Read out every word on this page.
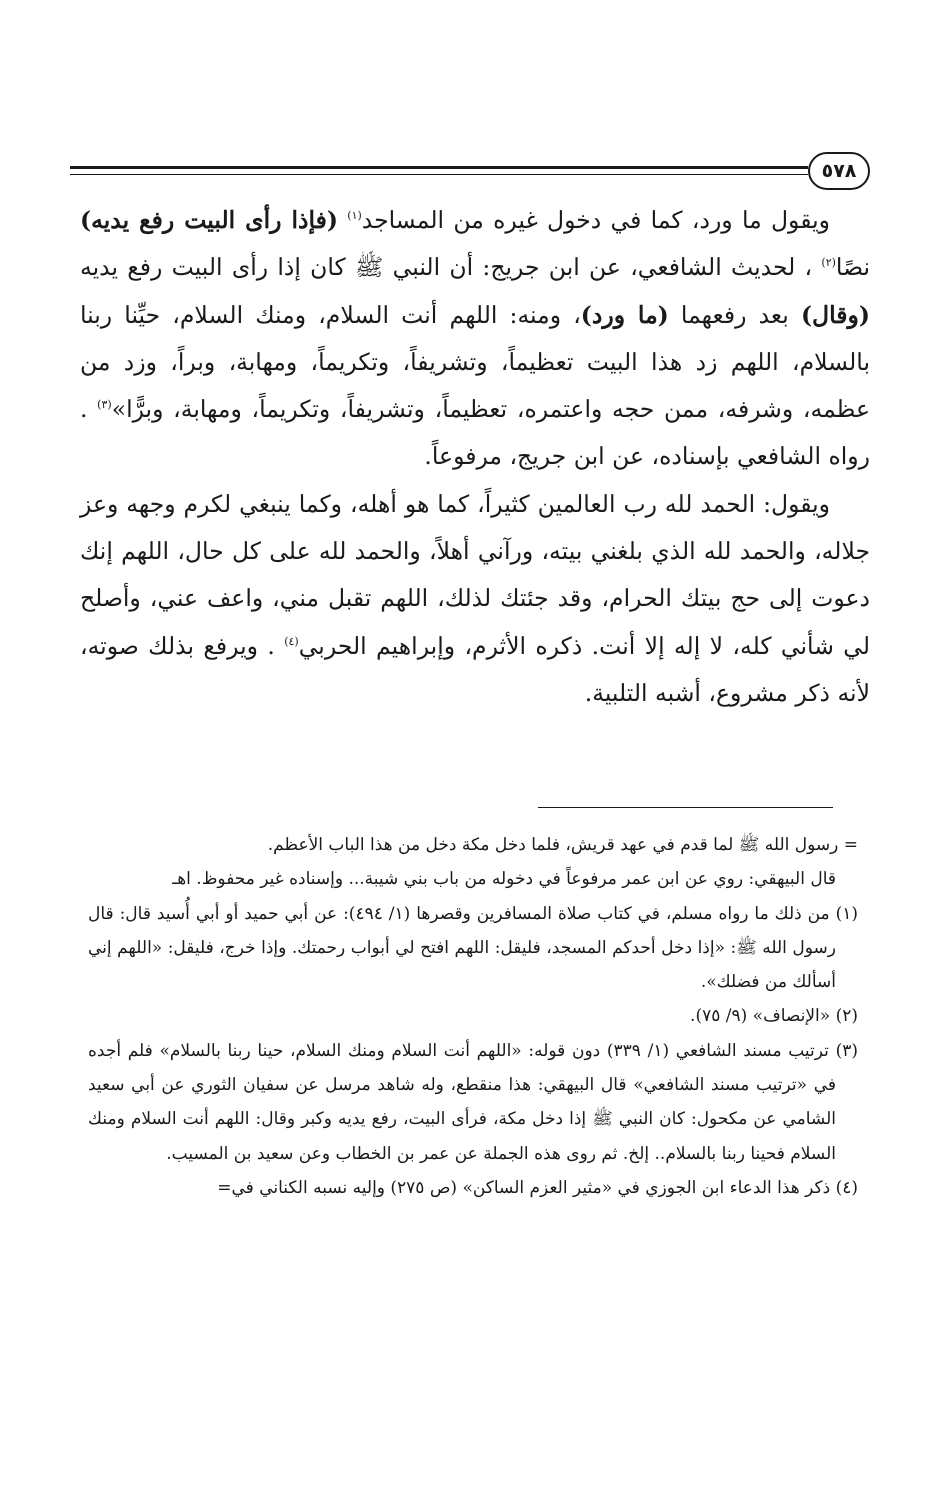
٥٧٨

ويقول ما ورد، كما في دخول غيره من المساجد$^{(١)}$ (فإذا رأى البيت رفع يديه) نصًا$^{(٢)}$ ، لحديث الشافعي، عن ابن جريج: أن النبي ﷺ كان إذا رأى البيت رفع يديه (وقال) بعد رفعهما (ما ورد)، ومنه: اللهم أنت السلام، ومنك السلام، حيِّنا ربنا بالسلام، اللهم زد هذا البيت تعظيماً، وتشريفاً، وتكريماً، ومهابة، وبراً، وزد من عظمه، وشرفه، ممن حجه واعتمره، تعظيماً، وتشريفاً، وتكريماً، ومهابة، وبرًّا»$^{(٣)}$ . رواه الشافعي بإسناده، عن ابن جريج، مرفوعاً.

ويقول: الحمد لله رب العالمين كثيراً، كما هو أهله، وكما ينبغي لكرم وجهه وعز جلاله، والحمد لله الذي بلغني بيته، ورآني أهلاً، والحمد لله على كل حال، اللهم إنك دعوت إلى حج بيتك الحرام، وقد جئتك لذلك، اللهم تقبل مني، واعف عني، وأصلح لي شأني كله، لا إله إلا أنت. ذكره الأثرم، وإبراهيم الحربي$^{(٤)}$ . ويرفع بذلك صوته، لأنه ذكر مشروع، أشبه التلبية.

= رسول الله ﷺ لما قدم في عهد قريش، فلما دخل مكة دخل من هذا الباب الأعظم.

قال البيهقي: روي عن ابن عمر مرفوعاً في دخوله من باب بني شيبة... وإسناده غير محفوظ. اهـ

(١) من ذلك ما رواه مسلم، في كتاب صلاة المسافرين وقصرها (١/ ٤٩٤): عن أبي حميد أو أبي أُسيد قال: قال رسول الله ﷺ: «إذا دخل أحدكم المسجد، فليقل: اللهم افتح لي أبواب رحمتك. وإذا خرج، فليقل: «اللهم إني أسألك من فضلك».

(٢) «الإنصاف» (٩/ ٧٥).

(٣) ترتيب مسند الشافعي (١/ ٣٣٩) دون قوله: «اللهم أنت السلام ومنك السلام، حينا ربنا بالسلام» فلم أجده في «ترتيب مسند الشافعي» قال البيهقي: هذا منقطع، وله شاهد مرسل عن سفيان الثوري عن أبي سعيد الشامي عن مكحول: كان النبي ﷺ إذا دخل مكة، فرأى البيت، رفع يديه وكبر وقال: اللهم أنت السلام ومنك السلام فحينا ربنا بالسلام.. إلخ. ثم روى هذه الجملة عن عمر بن الخطاب وعن سعيد بن المسيب.

(٤) ذكر هذا الدعاء ابن الجوزي في «مثير العزم الساكن» (ص ٢٧٥) وإليه نسبه الكناني في=
